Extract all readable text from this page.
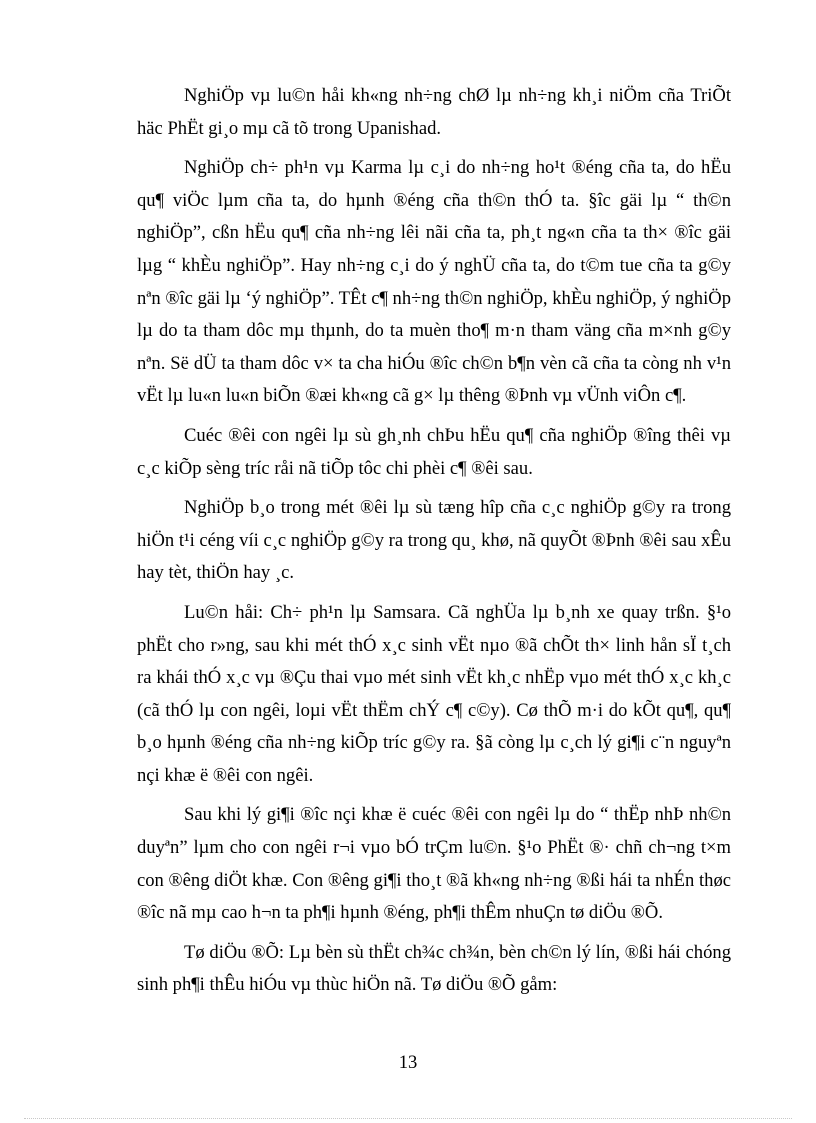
NghiÖp vµ lu©n håi kh«ng nh÷ng chØ lµ nh÷ng kh¸i niÖm cña TriÕt häc PhËt gi¸o mµ cã tõ trong Upanishad.

NghiÖp ch÷ ph¹n vµ Karma lµ c¸i do nh÷ng ho¹t ®éng cña ta, do hËu qu¶ viÖc lµm cña ta, do hµnh ®éng cña th©n thÓ ta. §îc gäi lµ “ th©n nghiÖp”, cßn hËu qu¶ cña nh÷ng lêi nãi cña ta, ph¸t ng«n cña ta th× ®îc gäi lµg “ khÈu nghiÖp”. Hay nh÷ng c¸i do ý nghÜ cña ta, do t©m tue cña ta g©y nªn ®îc gäi lµ ‘ý nghiÖp”. TÊt c¶ nh÷ng th©n nghiÖp, khÈu nghiÖp, ý nghiÖp lµ do ta tham dôc mµ thµnh, do ta muèn tho¶ m·n tham väng cña m×nh g©y nªn. Së dÜ ta tham dôc v× ta cha hiÓu ®îc ch©n b¶n vèn cã cña ta còng nh v¹n vËt lµ lu«n lu«n biÕn ®æi kh«ng cã g× lµ thêng ®Þnh vµ vÜnh viÔn c¶.

Cuéc ®êi con ngêi lµ sù gh¸nh chÞu hËu qu¶ cña nghiÖp ®îng thêi vµ c¸c kiÕp sèng tríc råi nã tiÕp tôc chi phèi c¶ ®êi sau.

NghiÖp b¸o trong mét ®êi lµ sù tæng hîp cña c¸c nghiÖp g©y ra trong hiÖn t¹i céng víi c¸c nghiÖp g©y ra trong qu¸ khø, nã quyÕt ®Þnh ®êi sau xÊu hay tèt, thiÖn hay ¸c.

Lu©n håi: Ch÷ ph¹n lµ Samsara. Cã nghÜa lµ b¸nh xe quay trßn. §¹o phËt cho r»ng, sau khi mét thÓ x¸c sinh vËt nµo ®ã chÕt th× linh hån sÏ t¸ch ra khái thÓ x¸c vµ ®Çu thai vµo mét sinh vËt kh¸c nhËp vµo mét thÓ x¸c kh¸c (cã thÓ lµ con ngêi, loµi vËt thËm chÝ c¶ c©y). Cø thÕ m·i do kÕt qu¶, qu¶ b¸o hµnh ®éng cña nh÷ng kiÕp tríc g©y ra. §ã còng lµ c¸ch lý gi¶i c¨n nguyªn nçi khæ ë ®êi con ngêi.

Sau khi lý gi¶i ®îc nçi khæ ë cuéc ®êi con ngêi lµ do “ thËp nhÞ nh©n duyªn” lµm cho con ngêi r¬i vµo bÓ trÇm lu©n. §¹o PhËt ®· chñ ch¬ng t×m con ®êng diÖt khæ. Con ®êng gi¶i tho¸t ®ã kh«ng nh÷ng ®ßi hái ta nhÉn thøc ®îc nã mµ cao h¬n ta ph¶i hµnh ®éng, ph¶i thÊm nhuÇn tø diÖu ®Õ.

Tø diÖu ®Õ: Lµ bèn sù thËt ch¾c ch¾n, bèn ch©n lý lín, ®ßi hái chóng sinh ph¶i thÊu hiÓu vµ thùc hiÖn nã. Tø diÖu ®Õ gåm:

13
